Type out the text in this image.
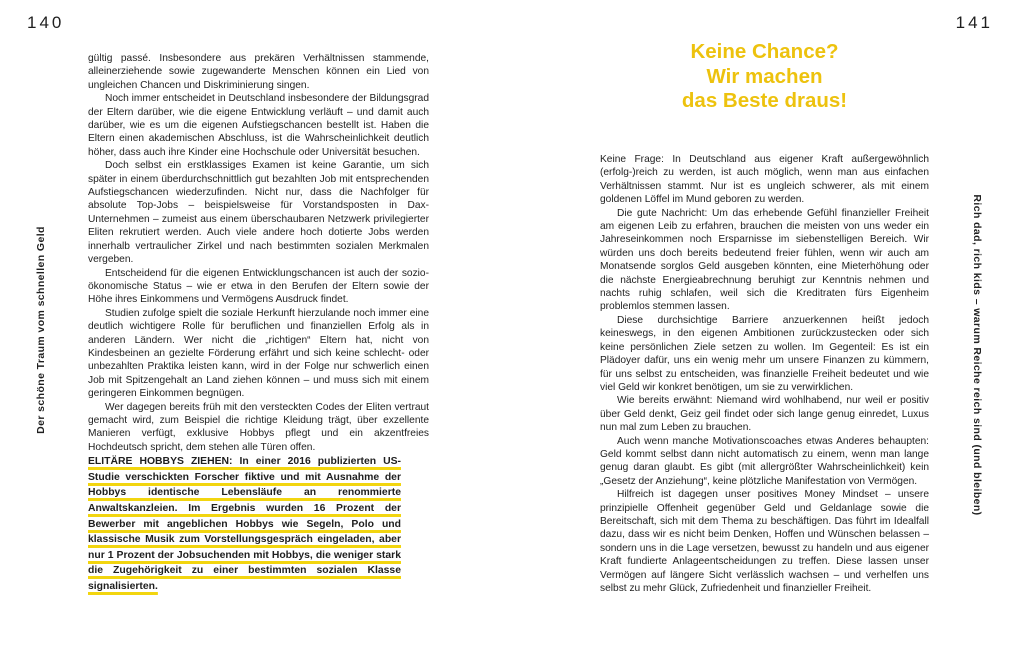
140	141
Der schöne Traum vom schnellen Geld	Rich dad, rich kids – warum Reiche reich sind (und bleiben)

gültig passé. Insbesondere aus prekären Verhältnissen stammende, alleinerziehende sowie zugewanderte Menschen können ein Lied von ungleichen Chancen und Diskriminierung singen.

Noch immer entscheidet in Deutschland insbesondere der Bildungsgrad der Eltern darüber, wie die eigene Entwicklung verläuft – und damit auch darüber, wie es um die eigenen Aufstiegschancen bestellt ist. Haben die Eltern einen akademischen Abschluss, ist die Wahrscheinlichkeit deutlich höher, dass auch ihre Kinder eine Hochschule oder Universität besuchen.

Doch selbst ein erstklassiges Examen ist keine Garantie, um sich später in einem überdurchschnittlich gut bezahlten Job mit entsprechenden Aufstiegschancen wiederzufinden. Nicht nur, dass die Nachfolger für absolute Top-Jobs – beispielsweise für Vorstandsposten in Dax-Unternehmen – zumeist aus einem überschaubaren Netzwerk privilegierter Eliten rekrutiert werden. Auch viele andere hoch dotierte Jobs werden innerhalb vertraulicher Zirkel und nach bestimmten sozialen Merkmalen vergeben.

Entscheidend für die eigenen Entwicklungschancen ist auch der sozio-ökonomische Status – wie er etwa in den Berufen der Eltern sowie der Höhe ihres Einkommens und Vermögens Ausdruck findet.

Studien zufolge spielt die soziale Herkunft hierzulande noch immer eine deutlich wichtigere Rolle für beruflichen und finanziellen Erfolg als in anderen Ländern. Wer nicht die „richtigen“ Eltern hat, nicht von Kindesbeinen an gezielte Förderung erfährt und sich keine schlecht- oder unbezahlten Praktika leisten kann, wird in der Folge nur schwerlich einen Job mit Spitzengehalt an Land ziehen können – und muss sich mit einem geringeren Einkommen begnügen.

Wer dagegen bereits früh mit den versteckten Codes der Eliten vertraut gemacht wird, zum Beispiel die richtige Kleidung trägt, über exzellente Manieren verfügt, exklusive Hobbys pflegt und ein akzentfreies Hochdeutsch spricht, dem stehen alle Türen offen.

ELITÄRE HOBBYS ZIEHEN: In einer 2016 publizierten US-Studie verschickten Forscher fiktive und mit Ausnahme der Hobbys identische Lebensläufe an renommierte Anwaltskanzleien. Im Ergebnis wurden 16 Prozent der Bewerber mit angeblichen Hobbys wie Segeln, Polo und klassische Musik zum Vorstellungsgespräch eingeladen, aber nur 1 Prozent der Jobsuchenden mit Hobbys, die weniger stark die Zugehörigkeit zu einer bestimmten sozialen Klasse signalisierten.

Keine Chance?
Wir machen
das Beste draus!

Keine Frage: In Deutschland aus eigener Kraft außergewöhnlich (erfolg-)reich zu werden, ist auch möglich, wenn man aus einfachen Verhältnissen stammt. Nur ist es ungleich schwerer, als mit einem goldenen Löffel im Mund geboren zu werden.

Die gute Nachricht: Um das erhebende Gefühl finanzieller Freiheit am eigenen Leib zu erfahren, brauchen die meisten von uns weder ein Jahreseinkommen noch Ersparnisse im siebenstelligen Bereich. Wir würden uns doch bereits bedeutend freier fühlen, wenn wir auch am Monatsende sorglos Geld ausgeben könnten, eine Mieterhöhung oder die nächste Energieabrechnung beruhigt zur Kenntnis nehmen und nachts ruhig schlafen, weil sich die Kreditraten fürs Eigenheim problemlos stemmen lassen.

Diese durchsichtige Barriere anzuerkennen heißt jedoch keineswegs, in den eigenen Ambitionen zurückzustecken oder sich keine persönlichen Ziele setzen zu wollen. Im Gegenteil: Es ist ein Plädoyer dafür, uns ein wenig mehr um unsere Finanzen zu kümmern, für uns selbst zu entscheiden, was finanzielle Freiheit bedeutet und wie viel Geld wir konkret benötigen, um sie zu verwirklichen.

Wie bereits erwähnt: Niemand wird wohlhabend, nur weil er positiv über Geld denkt, Geiz geil findet oder sich lange genug einredet, Luxus nun mal zum Leben zu brauchen.

Auch wenn manche Motivationscoaches etwas Anderes behaupten: Geld kommt selbst dann nicht automatisch zu einem, wenn man lange genug daran glaubt. Es gibt (mit allergrößter Wahrscheinlichkeit) kein „Gesetz der Anziehung“, keine plötzliche Manifestation von Vermögen.

Hilfreich ist dagegen unser positives Money Mindset – unsere prinzipielle Offenheit gegenüber Geld und Geldanlage sowie die Bereitschaft, sich mit dem Thema zu beschäftigen. Das führt im Idealfall dazu, dass wir es nicht beim Denken, Hoffen und Wünschen belassen – sondern uns in die Lage versetzen, bewusst zu handeln und aus eigener Kraft fundierte Anlageentscheidungen zu treffen. Diese lassen unser Vermögen auf längere Sicht verlässlich wachsen – und verhelfen uns selbst zu mehr Glück, Zufriedenheit und finanzieller Freiheit.
